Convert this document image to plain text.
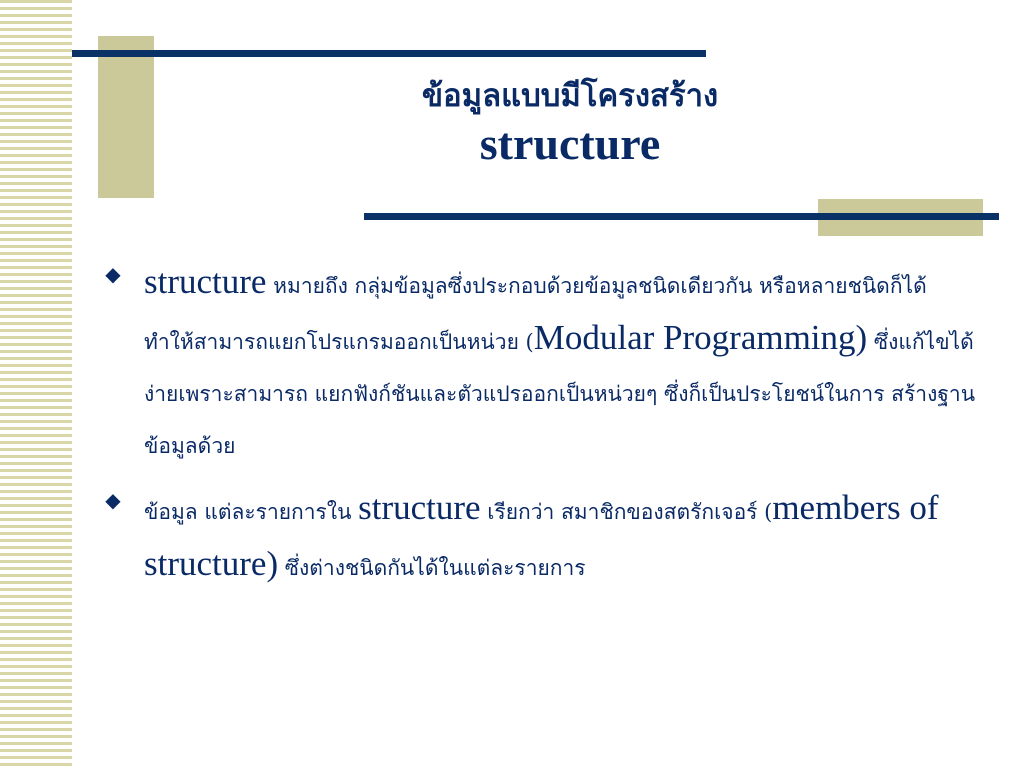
ข้อมูลแบบมีโครงสร้าง
structure
◆ structure หมายถึง กลุ่มข้อมูลซึ่งประกอบด้วยข้อมูลชนิดเดียวกัน หรือหลายชนิดก็ได้ ทำให้สามารถแยกโปรแกรมออกเป็นหน่วย (Modular Programming) ซึ่งแก้ไขได้ง่ายเพราะสามารถ แยกฟังก์ชันและตัวแปรออกเป็นหน่วยๆ ซึ่งก็เป็นประโยชน์ในการ สร้างฐานข้อมูลด้วย
◆ ข้อมูล แต่ละรายการใน structure เรียกว่า สมาชิกของสตรักเจอร์ (members of structure) ซึ่งต่างชนิดกันได้ในแต่ละรายการ
